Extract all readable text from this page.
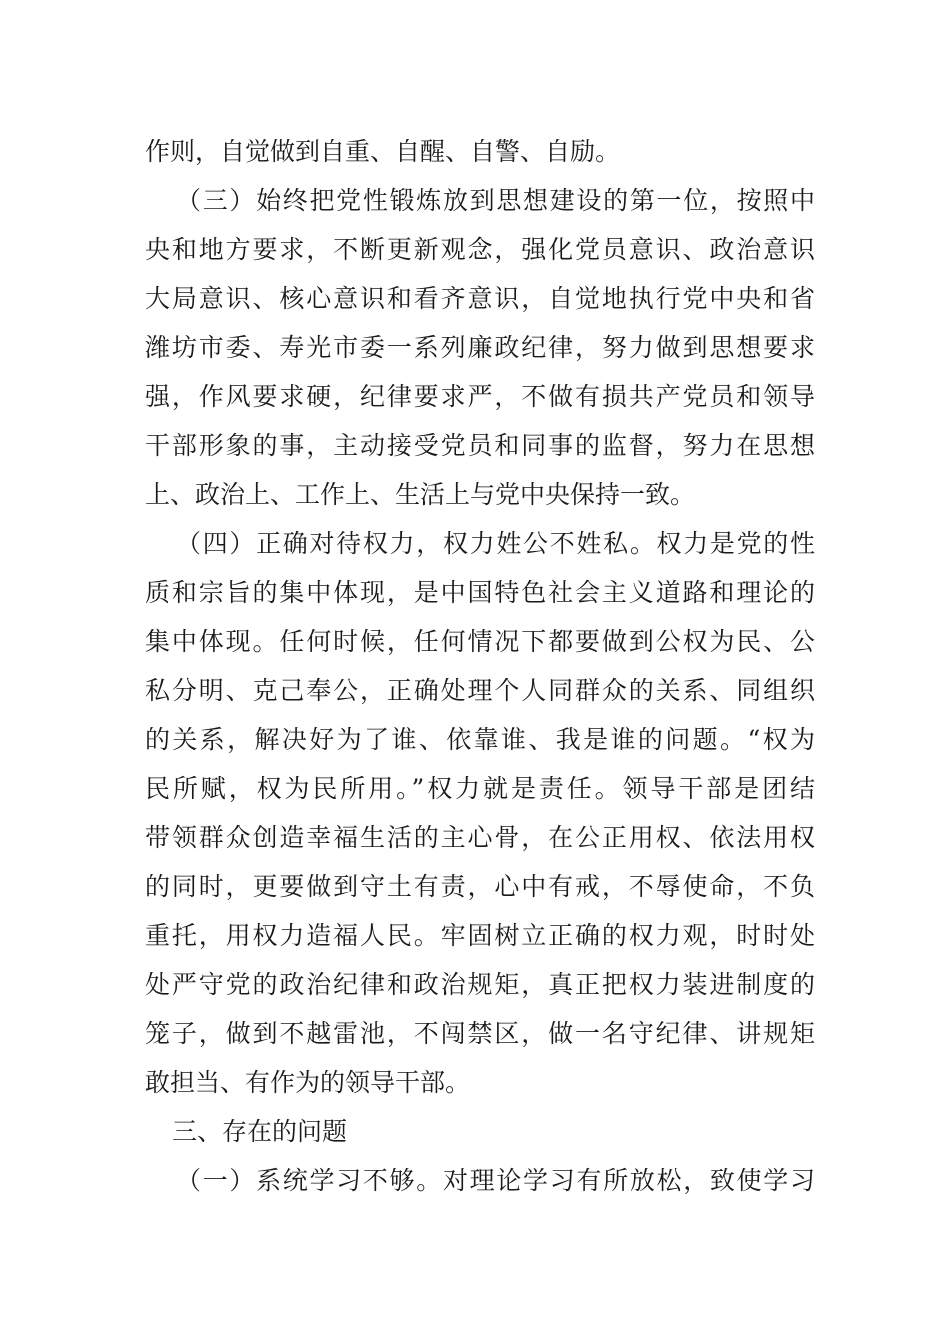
作则，自觉做到自重、自醒、自警、自励。
（三）始终把党性锻炼放到思想建设的第一位，按照中
央和地方要求，不断更新观念，强化党员意识、政治意识
大局意识、核心意识和看齐意识，自觉地执行党中央和省
潍坊市委、寿光市委一系列廉政纪律，努力做到思想要求
强，作风要求硬，纪律要求严，不做有损共产党员和领导
干部形象的事，主动接受党员和同事的监督，努力在思想
上、政治上、工作上、生活上与党中央保持一致。
（四）正确对待权力，权力姓公不姓私。权力是党的性
质和宗旨的集中体现，是中国特色社会主义道路和理论的
集中体现。任何时候，任何情况下都要做到公权为民、公
私分明、克己奉公，正确处理个人同群众的关系、同组织
的关系，解决好为了谁、依靠谁、我是谁的问题。“权为
民所赋，权为民所用。”权力就是责任。领导干部是团结
带领群众创造幸福生活的主心骨，在公正用权、依法用权
的同时，更要做到守土有责，心中有戒，不辱使命，不负
重托，用权力造福人民。牢固树立正确的权力观，时时处
处严守党的政治纪律和政治规矩，真正把权力装进制度的
笼子，做到不越雷池，不闯禁区，做一名守纪律、讲规矩
敢担当、有作为的领导干部。
三、存在的问题
（一）系统学习不够。对理论学习有所放松，致使学习
